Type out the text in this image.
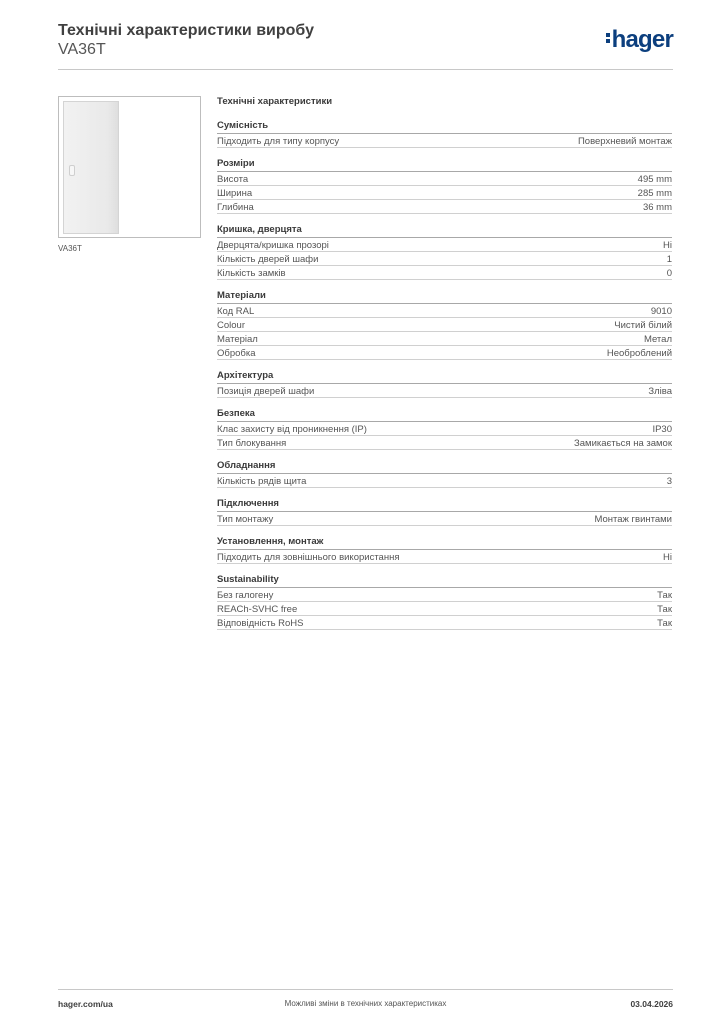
Технічні характеристики виробу
VA36T	hager
VA36T
Технічні характеристики
Сумісність
Підходить для типу корпусу	Поверхневий монтаж
Розміри
Висота	495 mm
Ширина	285 mm
Глибина	36 mm
Кришка, дверцята
Дверцята/кришка прозорі	Ні
Кількість дверей шафи	1
Кількість замків	0
Матеріали
Код RAL	9010
Colour	Чистий білий
Матеріал	Метал
Обробка	Необроблений
Архітектура
Позиція дверей шафи	Зліва
Безпека
Клас захисту від проникнення (IP)	IP30
Тип блокування	Замикається на замок
Обладнання
Кількість рядів щита	3
Підключення
Тип монтажу	Монтаж гвинтами
Установлення, монтаж
Підходить для зовнішнього використання	Ні
Sustainability
Без галогену	Так
REACh-SVHC free	Так
Відповідність RoHS	Так
hager.com/ua	Можливі зміни в технічних характеристиках	03.04.2026
